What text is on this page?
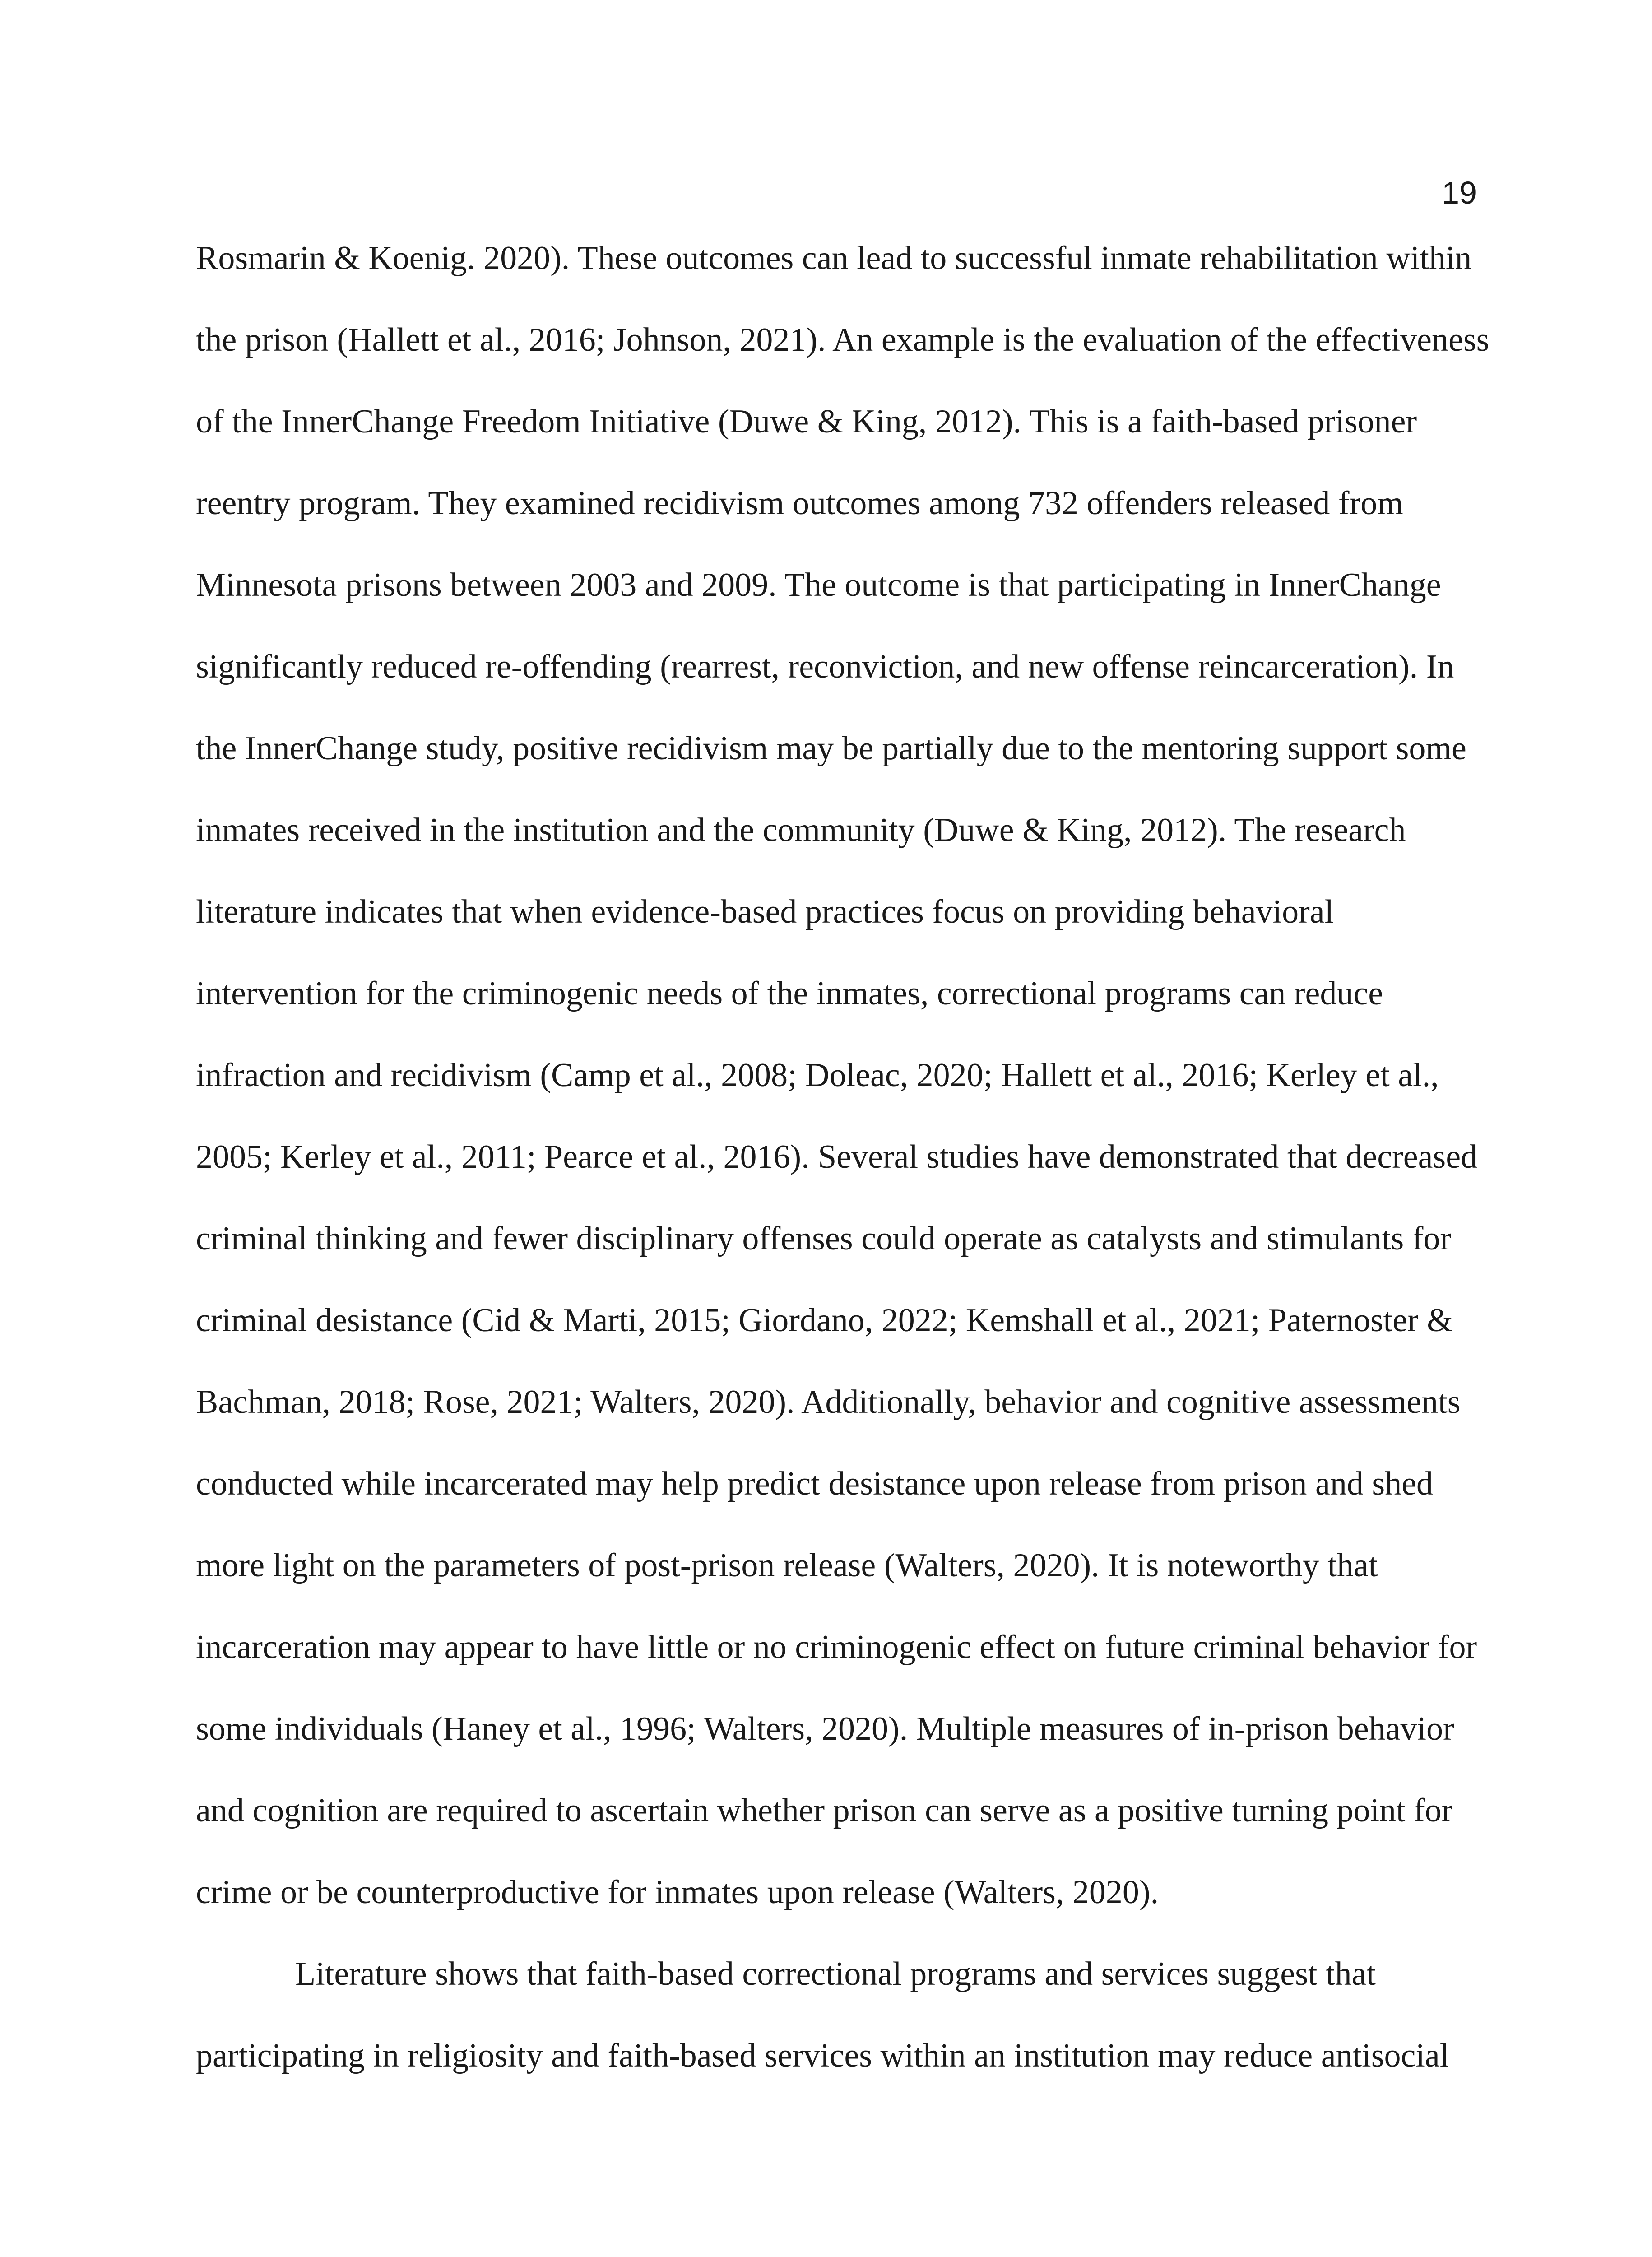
19
Rosmarin & Koenig. 2020). These outcomes can lead to successful inmate rehabilitation within
the prison (Hallett et al., 2016; Johnson, 2021). An example is the evaluation of the effectiveness
of the InnerChange Freedom Initiative (Duwe & King, 2012). This is a faith-based prisoner
reentry program. They examined recidivism outcomes among 732 offenders released from
Minnesota prisons between 2003 and 2009. The outcome is that participating in InnerChange
significantly reduced re-offending (rearrest, reconviction, and new offense reincarceration). In
the InnerChange study, positive recidivism may be partially due to the mentoring support some
inmates received in the institution and the community (Duwe & King, 2012). The research
literature indicates that when evidence-based practices focus on providing behavioral
intervention for the criminogenic needs of the inmates, correctional programs can reduce
infraction and recidivism (Camp et al., 2008; Doleac, 2020; Hallett et al., 2016; Kerley et al.,
2005; Kerley et al., 2011; Pearce et al., 2016). Several studies have demonstrated that decreased
criminal thinking and fewer disciplinary offenses could operate as catalysts and stimulants for
criminal desistance (Cid & Marti, 2015; Giordano, 2022; Kemshall et al., 2021; Paternoster &
Bachman, 2018; Rose, 2021; Walters, 2020). Additionally, behavior and cognitive assessments
conducted while incarcerated may help predict desistance upon release from prison and shed
more light on the parameters of post-prison release (Walters, 2020). It is noteworthy that
incarceration may appear to have little or no criminogenic effect on future criminal behavior for
some individuals (Haney et al., 1996; Walters, 2020). Multiple measures of in-prison behavior
and cognition are required to ascertain whether prison can serve as a positive turning point for
crime or be counterproductive for inmates upon release (Walters, 2020).
Literature shows that faith-based correctional programs and services suggest that
participating in religiosity and faith-based services within an institution may reduce antisocial
